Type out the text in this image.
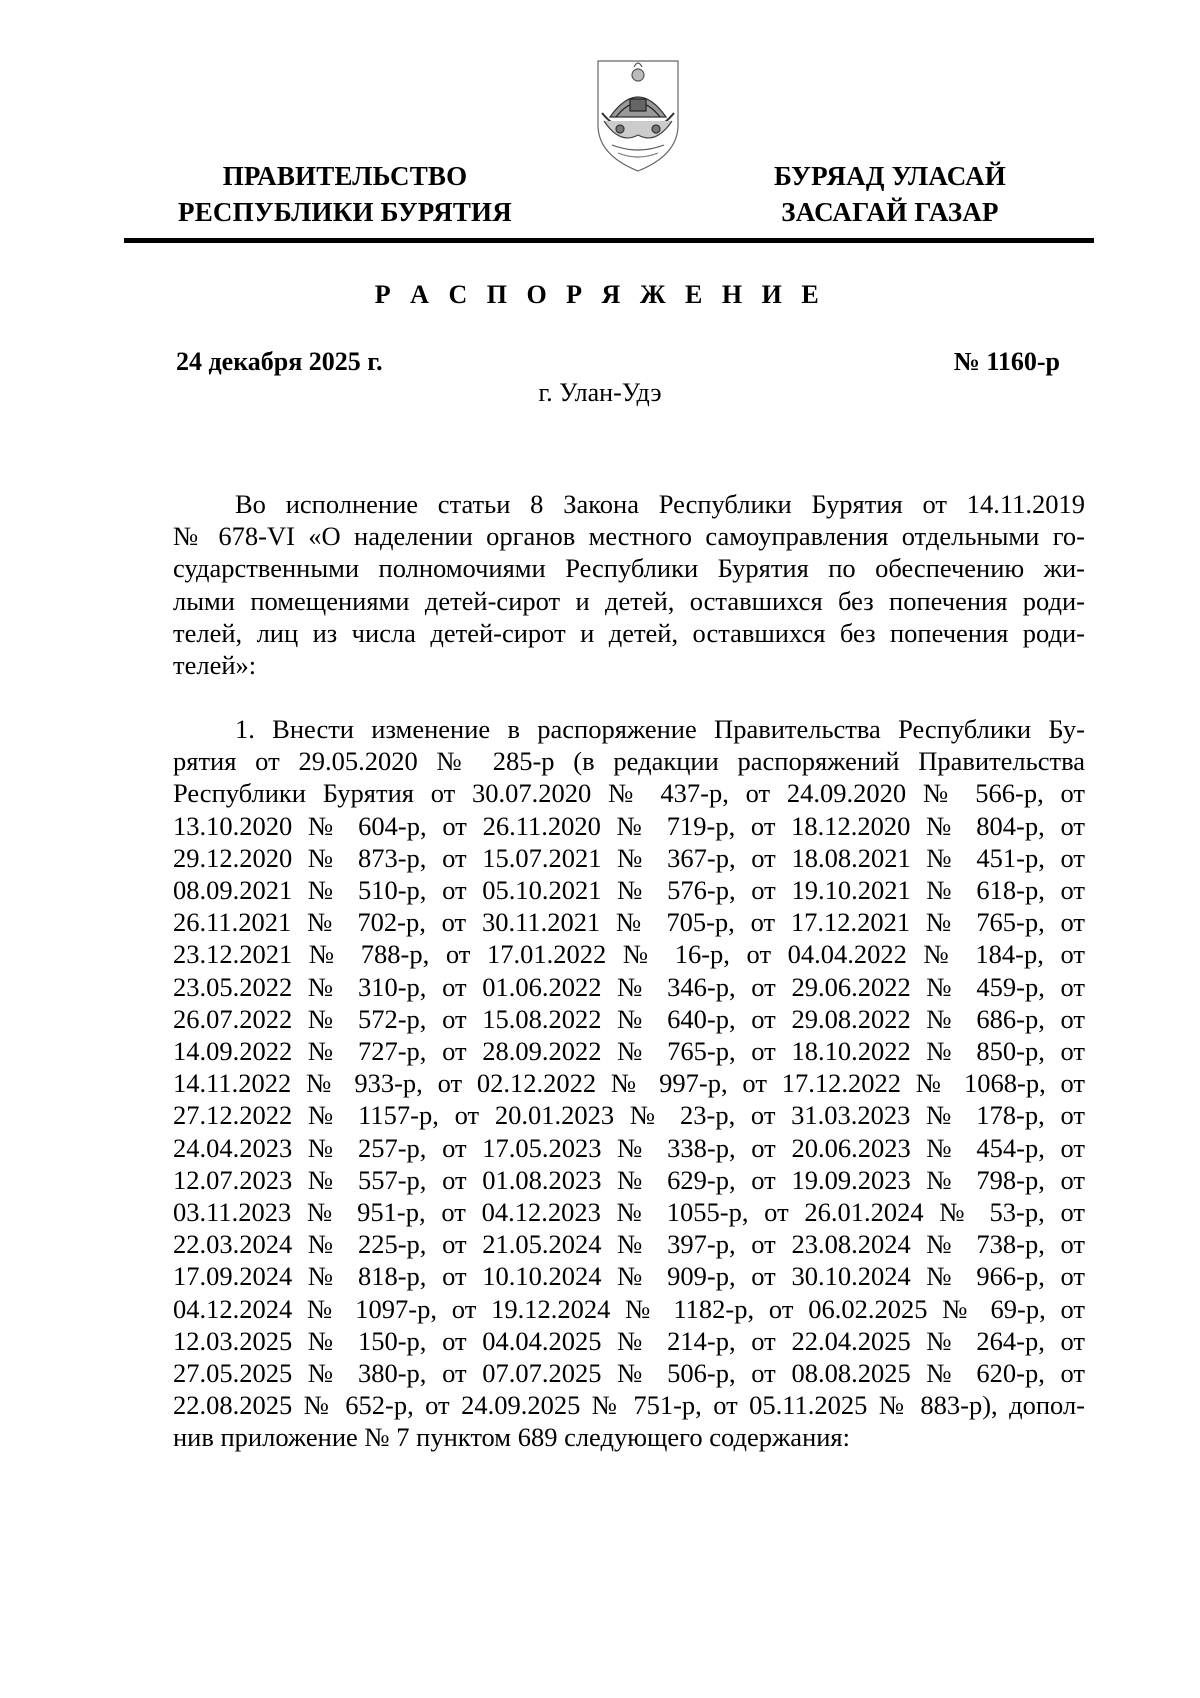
ПРАВИТЕЛЬСТВО
РЕСПУБЛИКИ БУРЯТИЯ
БУРЯАД УЛАСАЙ
ЗАСАГАЙ ГАЗАР
Р А С П О Р Я Ж Е Н И Е
24 декабря 2025 г.	№ 1160-р
г. Улан-Удэ
Во исполнение статьи 8 Закона Республики Бурятия от 14.11.2019
№ 678-VI «О наделении органов местного самоуправления отдельными го-
сударственными полномочиями Республики Бурятия по обеспечению жи-
лыми помещениями детей-сирот и детей, оставшихся без попечения роди-
телей, лиц из числа детей-сирот и детей, оставшихся без попечения роди-
телей»:
1. Внести изменение в распоряжение Правительства Республики Бу-
рятия от 29.05.2020 № 285-р (в редакции распоряжений Правительства
Республики Бурятия от 30.07.2020 № 437-р, от 24.09.2020 № 566-р, от
13.10.2020 № 604-р, от 26.11.2020 № 719-р, от 18.12.2020 № 804-р, от
29.12.2020 № 873-р, от 15.07.2021 № 367-р, от 18.08.2021 № 451-р, от
08.09.2021 № 510-р, от 05.10.2021 № 576-р, от 19.10.2021 № 618-р, от
26.11.2021 № 702-р, от 30.11.2021 № 705-р, от 17.12.2021 № 765-р, от
23.12.2021 № 788-р, от 17.01.2022 № 16-р, от 04.04.2022 № 184-р, от
23.05.2022 № 310-р, от 01.06.2022 № 346-р, от 29.06.2022 № 459-р, от
26.07.2022 № 572-р, от 15.08.2022 № 640-р, от 29.08.2022 № 686-р, от
14.09.2022 № 727-р, от 28.09.2022 № 765-р, от 18.10.2022 № 850-р, от
14.11.2022 № 933-р, от 02.12.2022 № 997-р, от 17.12.2022 № 1068-р, от
27.12.2022 № 1157-р, от 20.01.2023 № 23-р, от 31.03.2023 № 178-р, от
24.04.2023 № 257-р, от 17.05.2023 № 338-р, от 20.06.2023 № 454-р, от
12.07.2023 № 557-р, от 01.08.2023 № 629-р, от 19.09.2023 № 798-р, от
03.11.2023 № 951-р, от 04.12.2023 № 1055-р, от 26.01.2024 № 53-р, от
22.03.2024 № 225-р, от 21.05.2024 № 397-р, от 23.08.2024 № 738-р, от
17.09.2024 № 818-р, от 10.10.2024 № 909-р, от 30.10.2024 № 966-р, от
04.12.2024 № 1097-р, от 19.12.2024 № 1182-р, от 06.02.2025 № 69-р, от
12.03.2025 № 150-р, от 04.04.2025 № 214-р, от 22.04.2025 № 264-р, от
27.05.2025 № 380-р, от 07.07.2025 № 506-р, от 08.08.2025 № 620-р, от
22.08.2025 № 652-р, от 24.09.2025 № 751-р, от 05.11.2025 № 883-р), допол-
нив приложение № 7 пунктом 689 следующего содержания:
